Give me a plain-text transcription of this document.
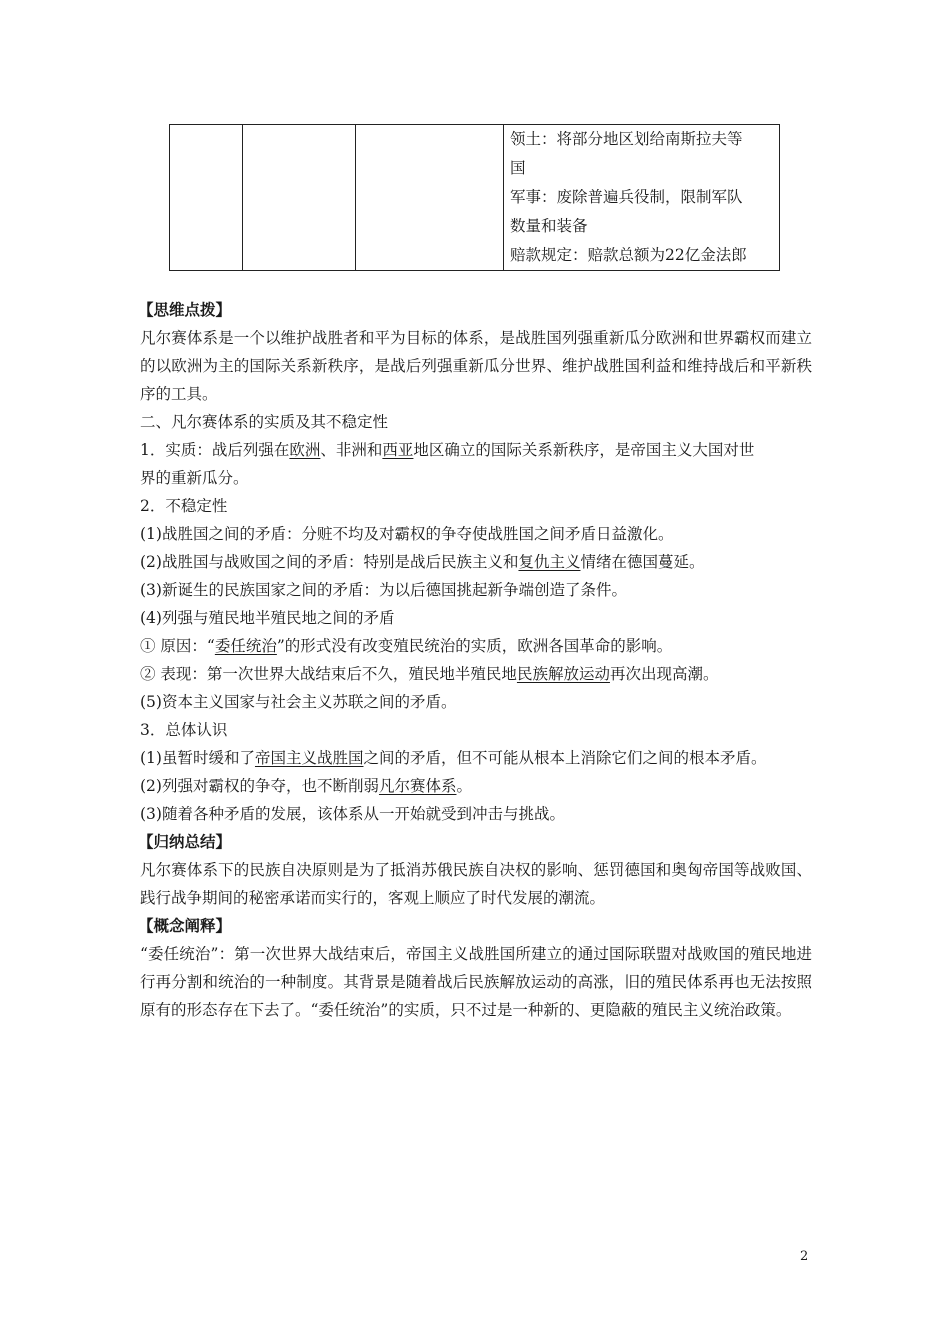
领土：将部分地区划给南斯拉夫等
国
军事：废除普遍兵役制，限制军队
数量和装备
赔款规定：赔款总额为22亿金法郎
【思维点拨】
凡尔赛体系是一个以维护战胜者和平为目标的体系，是战胜国列强重新瓜分欧洲和世界霸权而建立的以欧洲为主的国际关系新秩序，是战后列强重新瓜分世界、维护战胜国利益和维持战后和平新秩序的工具。
二、凡尔赛体系的实质及其不稳定性
1．实质：战后列强在欧洲、非洲和西亚地区确立的国际关系新秩序，是帝国主义大国对世
界的重新瓜分。
2．不稳定性
(1)战胜国之间的矛盾：分赃不均及对霸权的争夺使战胜国之间矛盾日益激化。
(2)战胜国与战败国之间的矛盾：特别是战后民族主义和复仇主义情绪在德国蔓延。
(3)新诞生的民族国家之间的矛盾：为以后德国挑起新争端创造了条件。
(4)列强与殖民地半殖民地之间的矛盾
① 原因：“委任统治”的形式没有改变殖民统治的实质，欧洲各国革命的影响。
② 表现：第一次世界大战结束后不久，殖民地半殖民地民族解放运动再次出现高潮。
(5)资本主义国家与社会主义苏联之间的矛盾。
3．总体认识
(1)虽暂时缓和了帝国主义战胜国之间的矛盾，但不可能从根本上消除它们之间的根本矛盾。
(2)列强对霸权的争夺，也不断削弱凡尔赛体系。
(3)随着各种矛盾的发展，该体系从一开始就受到冲击与挑战。
【归纳总结】
凡尔赛体系下的民族自决原则是为了抵消苏俄民族自决权的影响、惩罚德国和奥匈帝国等战败国、践行战争期间的秘密承诺而实行的，客观上顺应了时代发展的潮流。
【概念阐释】
“委任统治”：第一次世界大战结束后，帝国主义战胜国所建立的通过国际联盟对战败国的殖民地进行再分割和统治的一种制度。其背景是随着战后民族解放运动的高涨，旧的殖民体系再也无法按照原有的形态存在下去了。“委任统治”的实质，只不过是一种新的、更隐蔽的殖民主义统治政策。
2
